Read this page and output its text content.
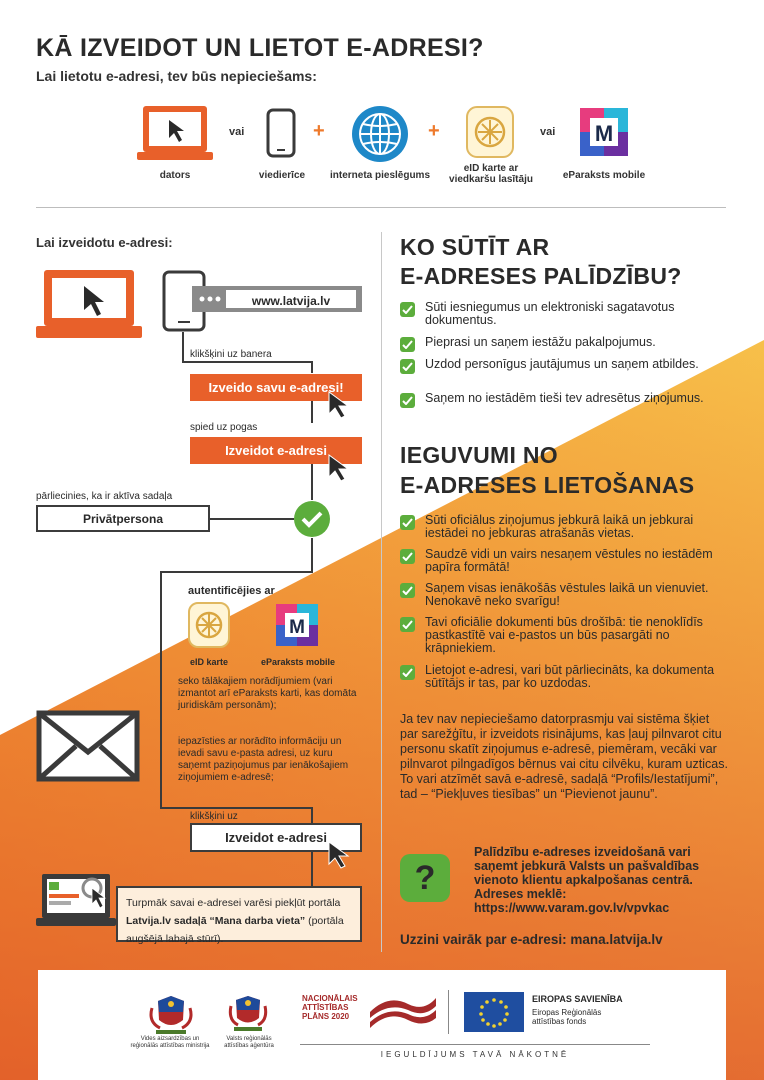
KĀ IZVEIDOT UN LIETOT E-ADRESI?
Lai lietotu e-adresi, tev būs nepieciešams:
dators
vai
viedierīce
+
interneta pieslēgums
+
eID karte ar viedkaršu lasītāju
vai M
eParaksts mobile
Lai izveidotu e-adresi:
www.latvija.lv
klikšķini uz banera
Izveido savu e-adresi!
spied uz pogas
Izveidot e-adresi
pārliecinies, ka ir aktīva sadaļa
Privātpersona
autentificējies ar
eID karte
M
eParaksts mobile
seko tālākajiem norādījumiem (vari izmantot arī eParaksts karti, kas domāta juridiskām personām);
iepazīsties ar norādīto informāciju un ievadi savu e-pasta adresi, uz kuru saņemt paziņojumus par ienākošajiem ziņojumiem e-adresē;
klikšķini uz
Izveidot e-adresi
Turpmāk savai e-adresei varēsi piekļūt portāla Latvija.lv sadaļā “Mana darba vieta” (portāla augšējā labajā stūrī).
KO SŪTĪT AR
E-ADRESES PALĪDZĪBU?
Sūti iesniegumus un elektroniski sagatavotus dokumentus.
Pieprasi un saņem iestāžu pakalpojumus.
Uzdod personīgus jautājumus un saņem atbildes.
Saņem no iestādēm tieši tev adresētus ziņojumus.
IEGUVUMI NO
E-ADRESES LIETOŠANAS
Sūti oficiālus ziņojumus jebkurā laikā un jebkurai iestādei no jebkuras atrašanās vietas.
Saudzē vidi un vairs nesaņem vēstules no iestādēm papīra formātā!
Saņem visas ienākošās vēstules laikā un vienuviet. Nenokavē neko svarīgu!
Tavi oficiālie dokumenti būs drošībā: tie nenoklīdīs pastkastītē vai e-pastos un būs pasargāti no krāpniekiem.
Lietojot e-adresi, vari būt pārliecināts, ka dokumenta sūtītājs ir tas, par ko uzdodas.
Ja tev nav nepieciešamo datorprasmju vai sistēma šķiet par sarežģītu, ir izveidots risinājums, kas ļauj pilnvarot citu personu skatīt ziņojumus e-adresē, piemēram, vecāki var pilnvarot pilngadīgos bērnus vai citu cilvēku, kuram uzticas. To vari atzīmēt savā e-adresē, sadaļā “Profils/Iestatījumi”, tad – “Piekļuves tiesības” un “Pievienot jaunu”.
?
Palīdzību e-adreses izveidošanā vari saņemt jebkurā Valsts un pašvaldības vienoto klientu apkalpošanas centrā. Adreses meklē: https://www.varam.gov.lv/vpvkac
Uzzini vairāk par e-adresi: mana.latvija.lv
Vides aizsardzības un reģionālās attīstības ministrija
Valsts reģionālās attīstības aģentūra
NACIONĀLAIS
ATTĪSTĪBAS
PLĀNS 2020
EIROPAS SAVIENĪBA
Eiropas Reģionālās attīstības fonds
IEGULDĪJUMS TAVĀ NĀKOTNĒ
